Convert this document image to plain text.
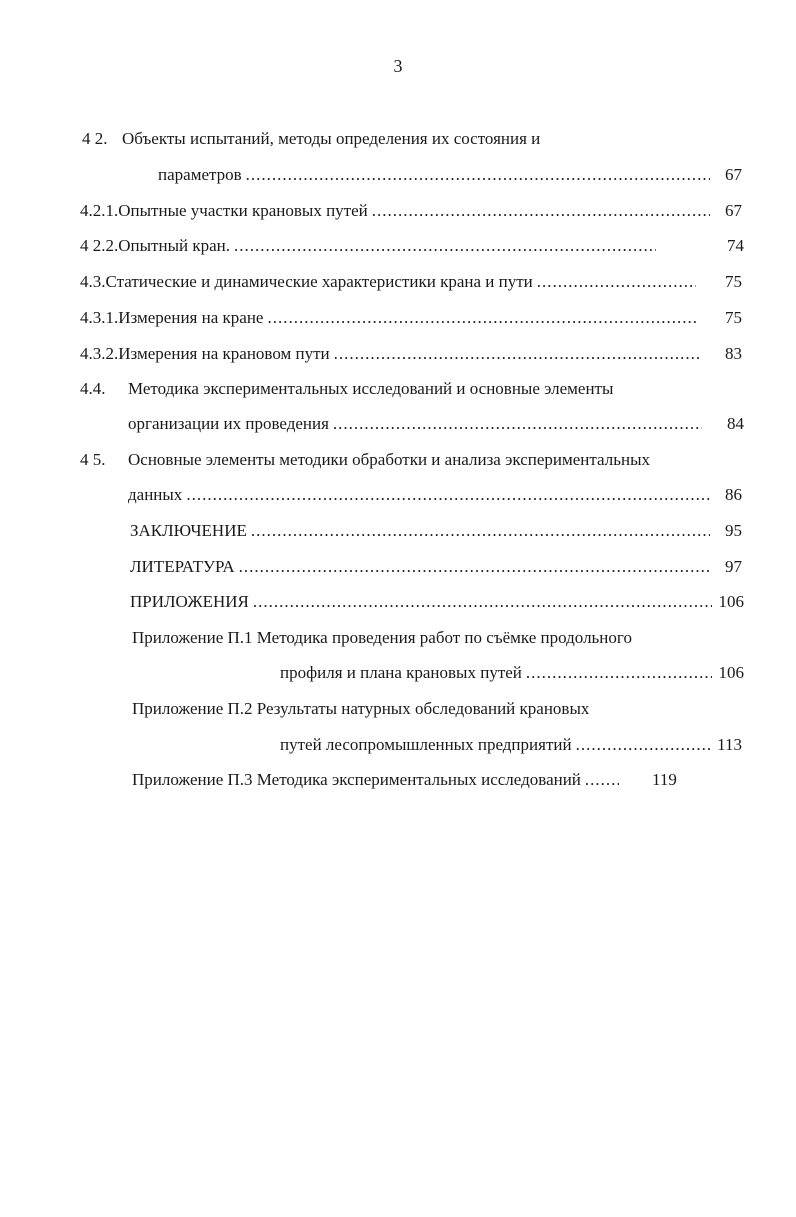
3
4 2. Объекты испытаний, методы определения их состояния и
параметров .....	67
4.2.1. Опытные участки крановых путей .....	67
4 2.2. Опытный кран. .....	74
4.3. Статические и динамические характеристики крана и пути .....	75
4.3.1. Измерения на кране .....	75
4.3.2. Измерения на крановом пути .....	83
4.4.	Методика экспериментальных исследований и основные элементы
организации их проведения .....	84
4 5.	Основные элементы методики обработки и анализа экспериментальных
данных .....	86
ЗАКЛЮЧЕНИЕ .....	95
ЛИТЕРАТУРА .....	97
ПРИЛОЖЕНИЯ .....	106
Приложение П.1 Методика проведения работ по съёмке продольного
профиля и плана крановых путей .....	106
Приложение П.2 Результаты натурных обследований крановых
путей лесопромышленных предприятий .....	113
Приложение П.3 Методика экспериментальных исследований .....	119
